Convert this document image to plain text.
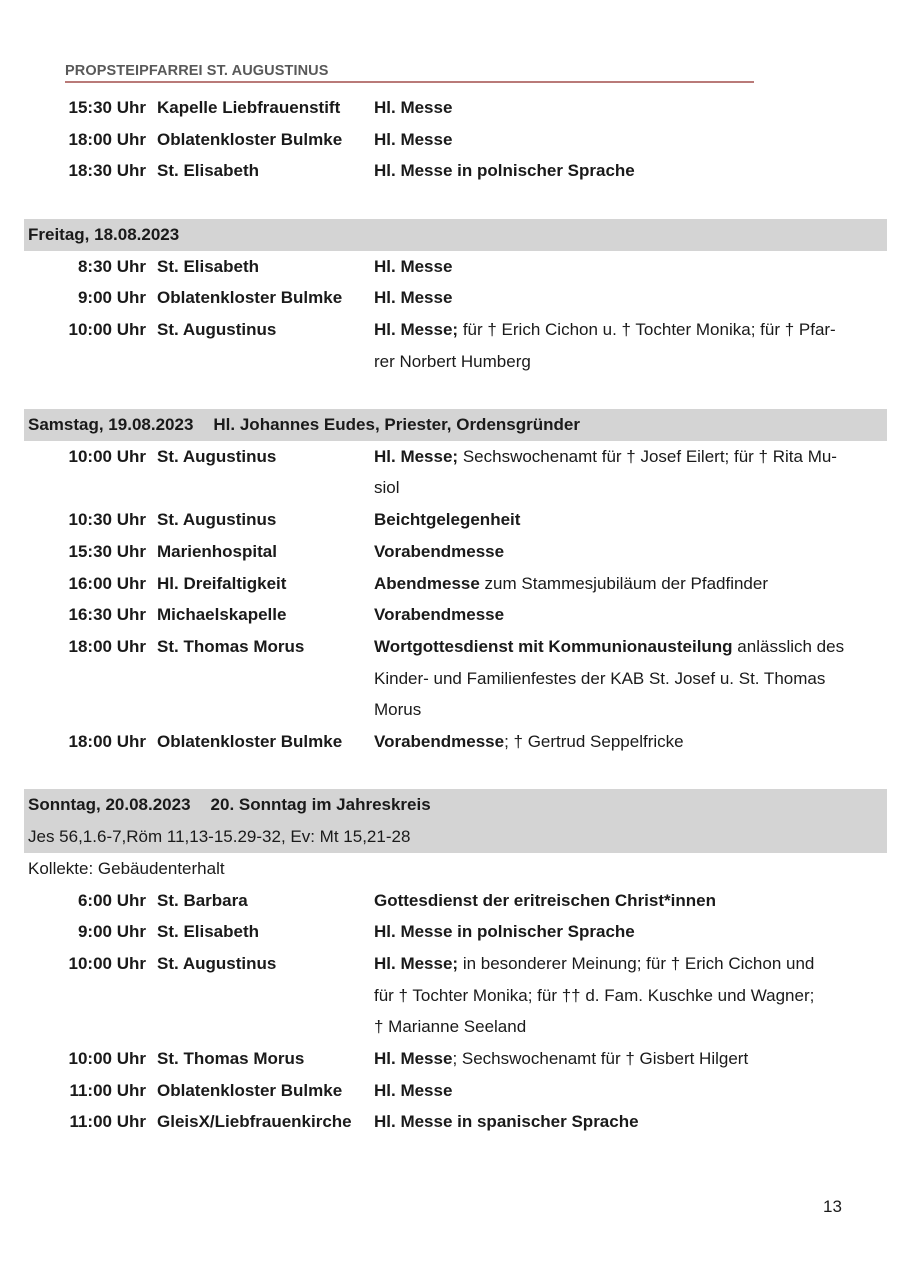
PROPSTEIPFARREI ST. AUGUSTINUS
15:30 Uhr Kapelle Liebfrauenstift	Hl. Messe
18:00 Uhr Oblatenkloster Bulmke	Hl. Messe
18:30 Uhr St. Elisabeth	Hl. Messe in polnischer Sprache
Freitag, 18.08.2023
8:30 Uhr St. Elisabeth	Hl. Messe
9:00 Uhr Oblatenkloster Bulmke	Hl. Messe
10:00 Uhr St. Augustinus	Hl. Messe; für † Erich Cichon u. † Tochter Monika; für † Pfar-
rer Norbert Humberg
Samstag, 19.08.2023 Hl. Johannes Eudes, Priester, Ordensgründer
10:00 Uhr St. Augustinus	Hl. Messe; Sechswochenamt für † Josef Eilert; für † Rita Mu-
siol
10:30 Uhr St. Augustinus	Beichtgelegenheit
15:30 Uhr Marienhospital	Vorabendmesse
16:00 Uhr Hl. Dreifaltigkeit	Abendmesse zum Stammesjubiläum der Pfadfinder
16:30 Uhr Michaelskapelle	Vorabendmesse
18:00 Uhr St. Thomas Morus	Wortgottesdienst mit Kommunionausteilung anlässlich des
Kinder- und Familienfestes der KAB St. Josef u. St. Thomas
Morus
18:00 Uhr Oblatenkloster Bulmke	Vorabendmesse; † Gertrud Seppelfricke
Sonntag, 20.08.2023 20. Sonntag im Jahreskreis
Jes 56,1.6-7,Röm 11,13-15.29-32, Ev: Mt 15,21-28
Kollekte: Gebäudenterhalt
6:00 Uhr St. Barbara	Gottesdienst der eritreischen Christ*innen
9:00 Uhr St. Elisabeth	Hl. Messe in polnischer Sprache
10:00 Uhr St. Augustinus	Hl. Messe; in besonderer Meinung; für † Erich Cichon und
für † Tochter Monika; für †† d. Fam. Kuschke und Wagner;
† Marianne Seeland
10:00 Uhr St. Thomas Morus	Hl. Messe; Sechswochenamt für † Gisbert Hilgert
11:00 Uhr Oblatenkloster Bulmke	Hl. Messe
11:00 Uhr GleisX/Liebfrauenkirche	Hl. Messe in spanischer Sprache
13
